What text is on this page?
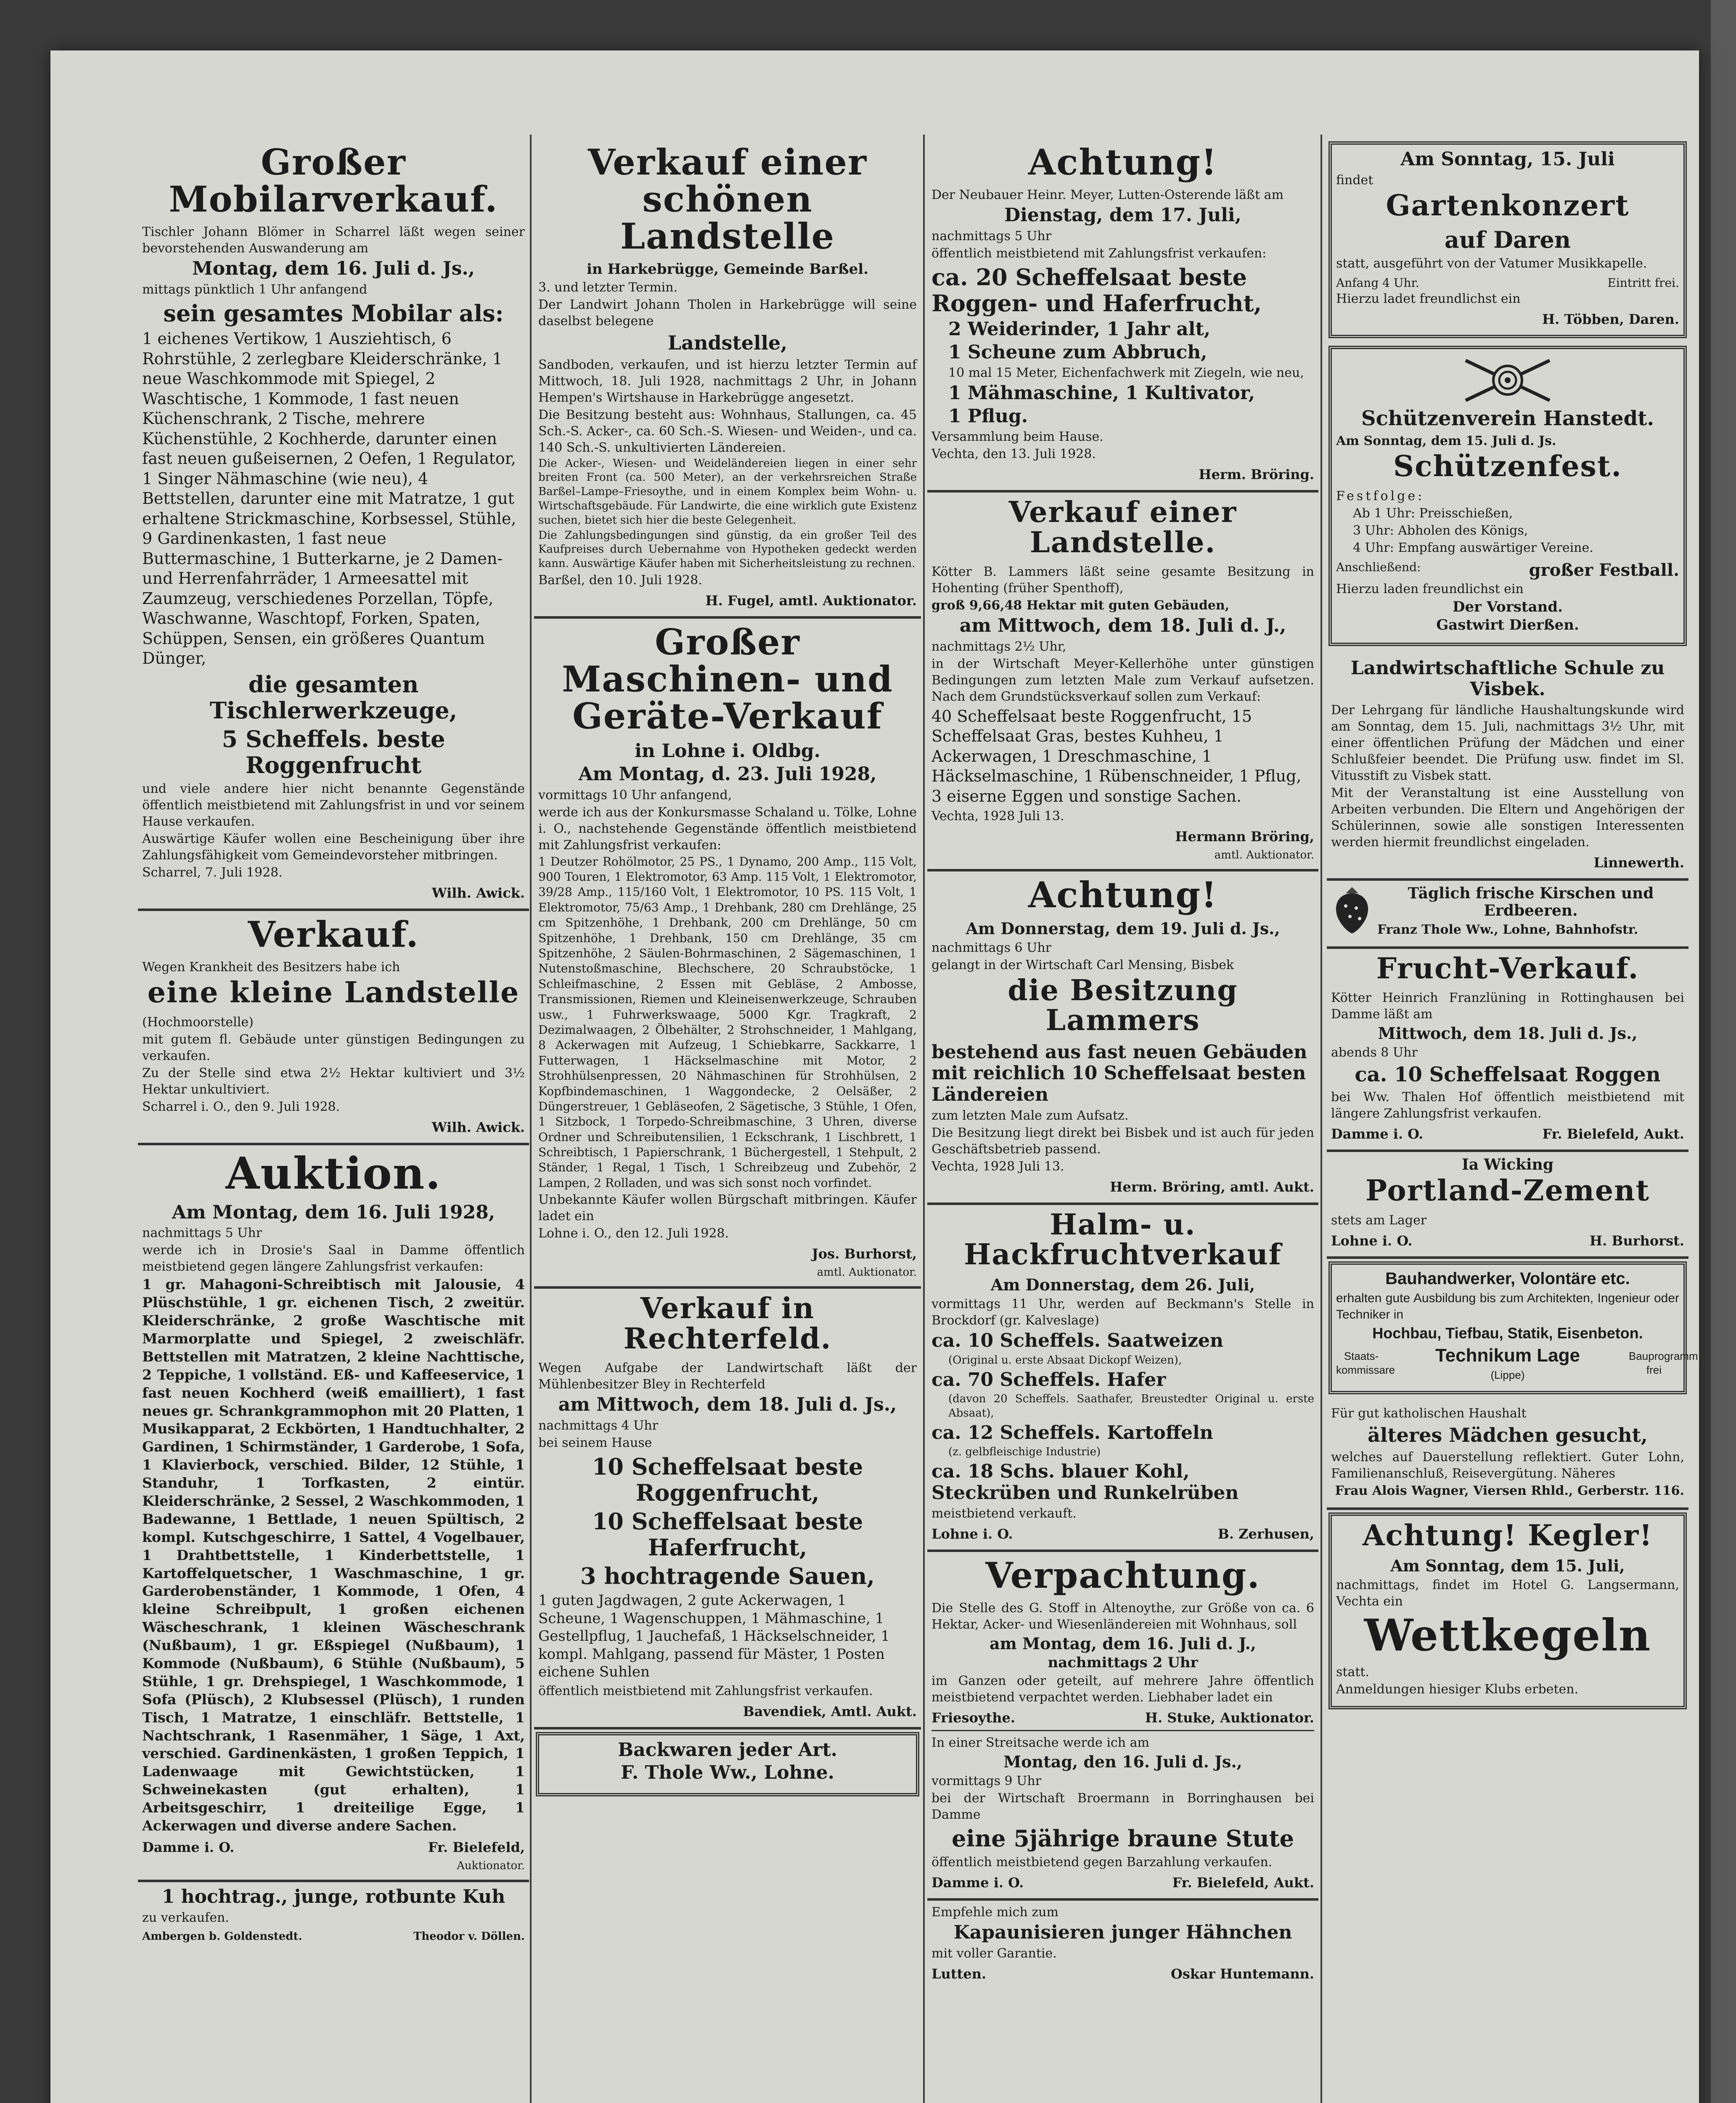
Großer Mobilarverkauf.
Tischler Johann Blömer in Scharrel läßt wegen seiner bevorstehenden Auswanderung am
Montag, dem 16. Juli d. Js.,
mittags pünktlich 1 Uhr anfangend
sein gesamtes Mobilar als:
1 eichenes Vertikow, 1 Ausziehtisch, 6 Rohrstühle, 2 zerlegbare Kleiderschränke, 1 neue Waschkommode mit Spiegel, 2 Waschtische, 1 Kommode, 1 fast neuen Küchenschrank, 2 Tische, mehrere Küchenstühle, 2 Kochherde, darunter einen fast neuen gußeisernen, 2 Oefen, 1 Regulator, 1 Singer Nähmaschine (wie neu), 4 Bettstellen, darunter eine mit Matratze, 1 gut erhaltene Strickmaschine, Korbsessel, Stühle, 9 Gardinenkasten, 1 fast neue Buttermaschine, 1 Butterkarne, je 2 Damen- und Herrenfahrräder, 1 Armeesattel mit Zaumzeug, verschiedenes Porzellan, Töpfe, Waschwanne, Waschtopf, Forken, Spaten, Schüppen, Sensen, ein größeres Quantum Dünger,
die gesamten Tischlerwerkzeuge,
5 Scheffels. beste Roggenfrucht
und viele andere hier nicht benannte Gegenstände öffentlich meistbietend mit Zahlungsfrist in und vor seinem Hause verkaufen.
Auswärtige Käufer wollen eine Bescheinigung über ihre Zahlungsfähigkeit vom Gemeindevorsteher mitbringen.
Scharrel, 7. Juli 1928.
Wilh. Awick.
Verkauf.
Wegen Krankheit des Besitzers habe ich
eine kleine Landstelle
(Hochmoorstelle)
mit gutem fl. Gebäude unter günstigen Bedingungen zu verkaufen.
Zu der Stelle sind etwa 2½ Hektar kultiviert und 3½ Hektar unkultiviert.
Scharrel i. O., den 9. Juli 1928.
Wilh. Awick.
Auktion.
Am Montag, dem 16. Juli 1928,
nachmittags 5 Uhr
werde ich in Drosie's Saal in Damme öffentlich meistbietend gegen längere Zahlungsfrist verkaufen:
1 gr. Mahagoni-Schreibtisch mit Jalousie, 4 Plüschstühle, 1 gr. eichenen Tisch, 2 zweitür. Kleiderschränke, 2 große Waschtische mit Marmorplatte und Spiegel, 2 zweischläfr. Bettstellen mit Matratzen, 2 kleine Nachttische, 2 Teppiche, 1 vollständ. Eß- und Kaffeeservice, 1 fast neuen Kochherd (weiß emailliert), 1 fast neues gr. Schrankgrammophon mit 20 Platten, 1 Musikapparat, 2 Eckbörten, 1 Handtuchhalter, 2 Gardinen, 1 Schirmständer, 1 Garderobe, 1 Sofa, 1 Klavierbock, verschied. Bilder, 12 Stühle, 1 Standuhr, 1 Torfkasten, 2 eintür. Kleiderschränke, 2 Sessel, 2 Waschkommoden, 1 Badewanne, 1 Bettlade, 1 neuen Spültisch, 2 kompl. Kutschgeschirre, 1 Sattel, 4 Vogelbauer, 1 Drahtbettstelle, 1 Kinderbettstelle, 1 Kartoffelquetscher, 1 Waschmaschine, 1 gr. Garderobenständer, 1 Kommode, 1 Ofen, 4 kleine Schreibpult, 1 großen eichenen Wäscheschrank, 1 kleinen Wäscheschrank (Nußbaum), 1 gr. Eßspiegel (Nußbaum), 1 Kommode (Nußbaum), 6 Stühle (Nußbaum), 5 Stühle, 1 gr. Drehspiegel, 1 Waschkommode, 1 Sofa (Plüsch), 2 Klubsessel (Plüsch), 1 runden Tisch, 1 Matratze, 1 einschläfr. Bettstelle, 1 Nachtschrank, 1 Rasenmäher, 1 Säge, 1 Axt, verschied. Gardinenkästen, 1 großen Teppich, 1 Ladenwaage mit Gewichtstücken, 1 Schweinekasten (gut erhalten), 1 Arbeitsgeschirr, 1 dreiteilige Egge, 1 Ackerwagen und diverse andere Sachen.
Damme i. O.	Fr. Bielefeld,
Auktionator.
1 hochtrag., junge, rotbunte Kuh
zu verkaufen.
Ambergen b. Goldenstedt.	Theodor v. Döllen.
Verkauf einer schönen Landstelle
in Harkebrügge, Gemeinde Barßel.
3. und letzter Termin.
Der Landwirt Johann Tholen in Harkebrügge will seine daselbst belegene
Landstelle,
Sandboden, verkaufen, und ist hierzu letzter Termin auf Mittwoch, 18. Juli 1928, nachmittags 2 Uhr, in Johann Hempen's Wirtshause in Harkebrügge angesetzt.
Die Besitzung besteht aus: Wohnhaus, Stallungen, ca. 45 Sch.-S. Acker-, ca. 60 Sch.-S. Wiesen- und Weiden-, und ca. 140 Sch.-S. unkultivierten Ländereien.
Die Acker-, Wiesen- und Weideländereien liegen in einer sehr breiten Front (ca. 500 Meter), an der verkehrsreichen Straße Barßel–Lampe–Friesoythe, und in einem Komplex beim Wohn- u. Wirtschaftsgebäude. Für Landwirte, die eine wirklich gute Existenz suchen, bietet sich hier die beste Gelegenheit.
Die Zahlungsbedingungen sind günstig, da ein großer Teil des Kaufpreises durch Uebernahme von Hypotheken gedeckt werden kann. Auswärtige Käufer haben mit Sicherheitsleistung zu rechnen.
Barßel, den 10. Juli 1928.
H. Fugel, amtl. Auktionator.
Großer Maschinen- und Geräte-Verkauf
in Lohne i. Oldbg.
Am Montag, d. 23. Juli 1928,
vormittags 10 Uhr anfangend,
werde ich aus der Konkursmasse Schaland u. Tölke, Lohne i. O., nachstehende Gegenstände öffentlich meistbietend mit Zahlungsfrist verkaufen:
1 Deutzer Rohölmotor, 25 PS., 1 Dynamo, 200 Amp., 115 Volt, 900 Touren, 1 Elektromotor, 63 Amp. 115 Volt, 1 Elektromotor, 39/28 Amp., 115/160 Volt, 1 Elektromotor, 10 PS. 115 Volt, 1 Elektromotor, 75/63 Amp., 1 Drehbank, 280 cm Drehlänge, 25 cm Spitzenhöhe, 1 Drehbank, 200 cm Drehlänge, 50 cm Spitzenhöhe, 1 Drehbank, 150 cm Drehlänge, 35 cm Spitzenhöhe, 2 Säulen-Bohrmaschinen, 2 Sägemaschinen, 1 Nutenstoßmaschine, Blechschere, 20 Schraubstöcke, 1 Schleifmaschine, 2 Essen mit Gebläse, 2 Ambosse, Transmissionen, Riemen und Kleineisenwerkzeuge, Schrauben usw., 1 Fuhrwerkswaage, 5000 Kgr. Tragkraft, 2 Dezimalwaagen, 2 Ölbehälter, 2 Strohschneider, 1 Mahlgang, 8 Ackerwagen mit Aufzeug, 1 Schiebkarre, Sackkarre, 1 Futterwagen, 1 Häckselmaschine mit Motor, 2 Strohhülsenpressen, 20 Nähmaschinen für Strohhülsen, 2 Kopfbindemaschinen, 1 Waggondecke, 2 Oelsäßer, 2 Düngerstreuer, 1 Gebläseofen, 2 Sägetische, 3 Stühle, 1 Ofen, 1 Sitzbock, 1 Torpedo-Schreibmaschine, 3 Uhren, diverse Ordner und Schreibutensilien, 1 Eckschrank, 1 Lischbrett, 1 Schreibtisch, 1 Papierschrank, 1 Büchergestell, 1 Stehpult, 2 Ständer, 1 Regal, 1 Tisch, 1 Schreibzeug und Zubehör, 2 Lampen, 2 Rolladen, und was sich sonst noch vorfindet.
Unbekannte Käufer wollen Bürgschaft mitbringen. Käufer ladet ein
Lohne i. O., den 12. Juli 1928.
Jos. Burhorst,
amtl. Auktionator.
Verkauf in Rechterfeld.
Wegen Aufgabe der Landwirtschaft läßt der Mühlenbesitzer Bley in Rechterfeld
am Mittwoch, dem 18. Juli d. Js.,
nachmittags 4 Uhr
bei seinem Hause
10 Scheffelsaat beste Roggenfrucht,
10 Scheffelsaat beste Haferfrucht,
3 hochtragende Sauen,
1 guten Jagdwagen, 2 gute Ackerwagen, 1 Scheune, 1 Wagenschuppen, 1 Mähmaschine, 1 Gestellpflug, 1 Jauchefaß, 1 Häckselschneider, 1 kompl. Mahlgang, passend für Mäster, 1 Posten eichene Suhlen
öffentlich meistbietend mit Zahlungsfrist verkaufen.
Bavendiek, Amtl. Aukt.
Backwaren jeder Art.
F. Thole Ww., Lohne.
Achtung!
Der Neubauer Heinr. Meyer, Lutten-Osterende läßt am
Dienstag, dem 17. Juli,
nachmittags 5 Uhr
öffentlich meistbietend mit Zahlungsfrist verkaufen:
ca. 20 Scheffelsaat beste Roggen- und Haferfrucht,
2 Weiderinder, 1 Jahr alt,
1 Scheune zum Abbruch,
10 mal 15 Meter, Eichenfachwerk mit Ziegeln, wie neu,
1 Mähmaschine, 1 Kultivator,
1 Pflug.
Versammlung beim Hause.
Vechta, den 13. Juli 1928.
Herm. Bröring.
Verkauf einer Landstelle.
Kötter B. Lammers läßt seine gesamte Besitzung in Hohenting (früher Spenthoff),
groß 9,66,48 Hektar mit guten Gebäuden,
am Mittwoch, dem 18. Juli d. J.,
nachmittags 2½ Uhr,
in der Wirtschaft Meyer-Kellerhöhe unter günstigen Bedingungen zum letzten Male zum Verkauf aufsetzen. Nach dem Grundstücksverkauf sollen zum Verkauf:
40 Scheffelsaat beste Roggenfrucht, 15 Scheffelsaat Gras, bestes Kuhheu, 1 Ackerwagen, 1 Dreschmaschine, 1 Häckselmaschine, 1 Rübenschneider, 1 Pflug, 3 eiserne Eggen und sonstige Sachen.
Vechta, 1928 Juli 13.
Hermann Bröring,
amtl. Auktionator.
Achtung!
Am Donnerstag, dem 19. Juli d. Js.,
nachmittags 6 Uhr
gelangt in der Wirtschaft Carl Mensing, Bisbek
die Besitzung Lammers
bestehend aus fast neuen Gebäuden mit reichlich 10 Scheffelsaat besten Ländereien
zum letzten Male zum Aufsatz.
Die Besitzung liegt direkt bei Bisbek und ist auch für jeden Geschäftsbetrieb passend.
Vechta, 1928 Juli 13.
Herm. Bröring, amtl. Aukt.
Halm- u. Hackfruchtverkauf
Am Donnerstag, dem 26. Juli,
vormittags 11 Uhr, werden auf Beckmann's Stelle in Brockdorf (gr. Kalveslage)
ca. 10 Scheffels. Saatweizen
(Original u. erste Absaat Dickopf Weizen),
ca. 70 Scheffels. Hafer
(davon 20 Scheffels. Saathafer, Breustedter Original u. erste Absaat),
ca. 12 Scheffels. Kartoffeln
(z. gelbfleischige Industrie)
ca. 18 Schs. blauer Kohl, Steckrüben und Runkelrüben
meistbietend verkauft.
Lohne i. O.	B. Zerhusen,
Verpachtung.
Die Stelle des G. Stoff in Altenoythe, zur Größe von ca. 6 Hektar, Acker- und Wiesenländereien mit Wohnhaus, soll
am Montag, dem 16. Juli d. J.,
nachmittags 2 Uhr
im Ganzen oder geteilt, auf mehrere Jahre öffentlich meistbietend verpachtet werden. Liebhaber ladet ein
Friesoythe.	H. Stuke, Auktionator.
In einer Streitsache werde ich am
Montag, den 16. Juli d. Js.,
vormittags 9 Uhr
bei der Wirtschaft Broermann in Borringhausen bei Damme
eine 5jährige braune Stute
öffentlich meistbietend gegen Barzahlung verkaufen.
Damme i. O.	Fr. Bielefeld, Aukt.
Empfehle mich zum
Kapaunisieren junger Hähnchen
mit voller Garantie.
Lutten.	Oskar Huntemann.
Am Sonntag, 15. Juli
findet
Gartenkonzert
auf Daren
statt, ausgeführt von der Vatumer Musikkapelle.
Anfang 4 Uhr.	Eintritt frei.
Hierzu ladet freundlichst ein
H. Többen, Daren.
Schützenverein Hanstedt.
Am Sonntag, dem 15. Juli d. Js.
Schützenfest.
Festfolge:
Ab 1 Uhr: Preisschießen,
3 Uhr: Abholen des Königs,
4 Uhr: Empfang auswärtiger Vereine.
Anschließend:	großer Festball.
Hierzu laden freundlichst ein
Der Vorstand.
Gastwirt Dierßen.
Landwirtschaftliche Schule zu Visbek.
Der Lehrgang für ländliche Haushaltungskunde wird am Sonntag, dem 15. Juli, nachmittags 3½ Uhr, mit einer öffentlichen Prüfung der Mädchen und einer Schlußfeier beendet. Die Prüfung usw. findet im Sl. Vitusstift zu Visbek statt.
Mit der Veranstaltung ist eine Ausstellung von Arbeiten verbunden. Die Eltern und Angehörigen der Schülerinnen, sowie alle sonstigen Interessenten werden hiermit freundlichst eingeladen.
Linnewerth.
Täglich frische Kirschen und Erdbeeren.
Franz Thole Ww., Lohne, Bahnhofstr.
Frucht-Verkauf.
Kötter Heinrich Franzlüning in Rottinghausen bei Damme läßt am
Mittwoch, dem 18. Juli d. Js.,
abends 8 Uhr
ca. 10 Scheffelsaat Roggen
bei Ww. Thalen Hof öffentlich meistbietend mit längere Zahlungsfrist verkaufen.
Damme i. O.	Fr. Bielefeld, Aukt.
Ia Wicking
Portland-Zement
stets am Lager
Lohne i. O.	H. Burhorst.
Bauhandwerker, Volontäre etc.
erhalten gute Ausbildung bis zum Architekten, Ingenieur oder Techniker in
Hochbau, Tiefbau, Statik, Eisenbeton.
Staats-kommissare
Technikum Lage
(Lippe)
Bauprogramm frei
Für gut katholischen Haushalt
älteres Mädchen gesucht,
welches auf Dauerstellung reflektiert. Guter Lohn, Familienanschluß, Reisevergütung. Näheres
Frau Alois Wagner, Viersen Rhld., Gerberstr. 116.
Achtung! Kegler!
Am Sonntag, dem 15. Juli,
nachmittags, findet im Hotel G. Langsermann, Vechta ein
Wettkegeln
statt.
Anmeldungen hiesiger Klubs erbeten.
